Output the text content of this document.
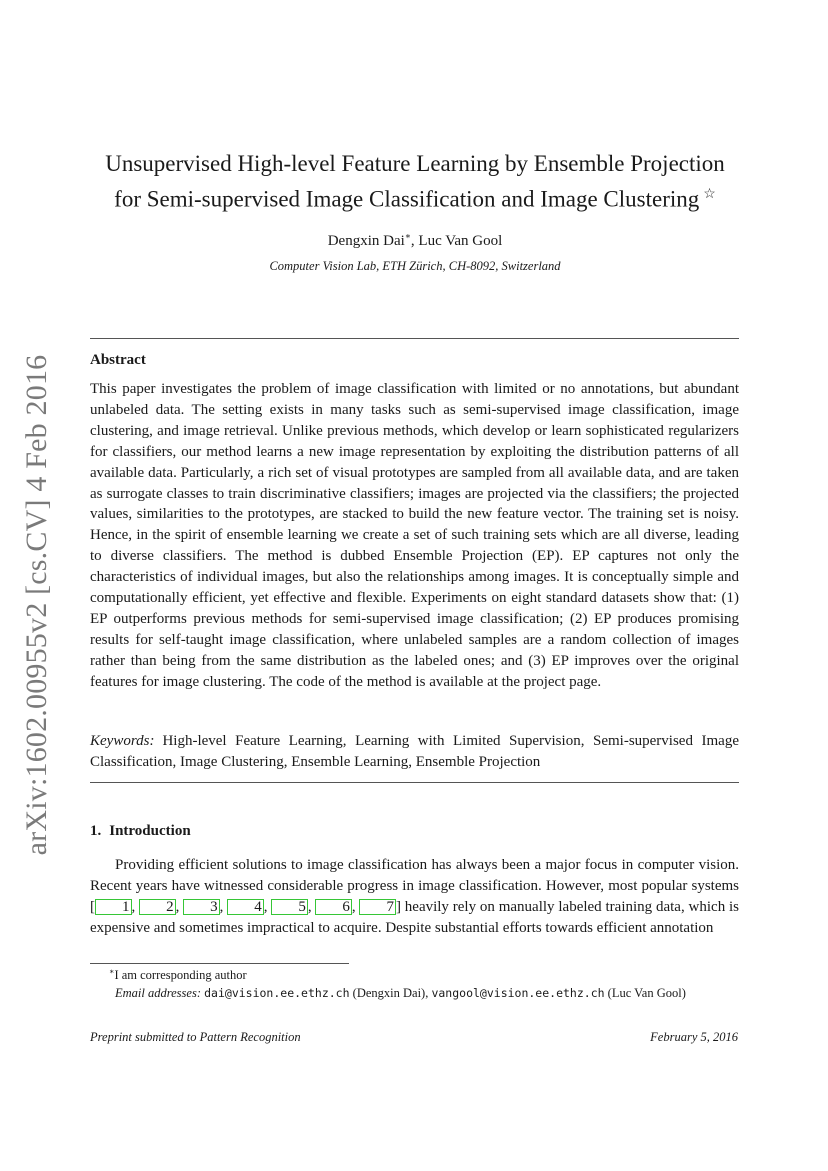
arXiv:1602.00955v2 [cs.CV] 4 Feb 2016
Unsupervised High-level Feature Learning by Ensemble Projection
for Semi-supervised Image Classification and Image Clustering ☆
Dengxin Dai∗, Luc Van Gool
Computer Vision Lab, ETH Zürich, CH-8092, Switzerland
Abstract
This paper investigates the problem of image classification with limited or no annotations, but abundant unlabeled data. The setting exists in many tasks such as semi-supervised image classification, image clustering, and image retrieval. Unlike previous methods, which develop or learn sophisticated regularizers for classifiers, our method learns a new image representation by exploiting the distribution patterns of all available data. Particularly, a rich set of visual prototypes are sampled from all available data, and are taken as surrogate classes to train discriminative classifiers; images are projected via the classifiers; the projected values, similarities to the prototypes, are stacked to build the new feature vector. The training set is noisy. Hence, in the spirit of ensemble learning we create a set of such training sets which are all diverse, leading to diverse classifiers. The method is dubbed Ensemble Projection (EP). EP captures not only the characteristics of individual images, but also the relationships among images. It is conceptually simple and computationally efficient, yet effective and flexible. Experiments on eight standard datasets show that: (1) EP outperforms previous methods for semi-supervised image classification; (2) EP produces promising results for self-taught image classification, where unlabeled samples are a random collection of images rather than being from the same distribution as the labeled ones; and (3) EP improves over the original features for image clustering. The code of the method is available at the project page.
Keywords: High-level Feature Learning, Learning with Limited Supervision, Semi-supervised Image Classification, Image Clustering, Ensemble Learning, Ensemble Projection
1. Introduction
Providing efficient solutions to image classification has always been a major focus in computer vision. Recent years have witnessed considerable progress in image classification. However, most popular systems [ 1 , 2 , 3 , 4 , 5 , 6 , 7 ] heavily rely on manually labeled training data, which is expensive and sometimes impractical to acquire. Despite substantial efforts towards efficient annotation
∗I am corresponding author
Email addresses: dai@vision.ee.ethz.ch (Dengxin Dai), vangool@vision.ee.ethz.ch (Luc Van Gool)
Preprint submitted to Pattern Recognition	February 5, 2016
